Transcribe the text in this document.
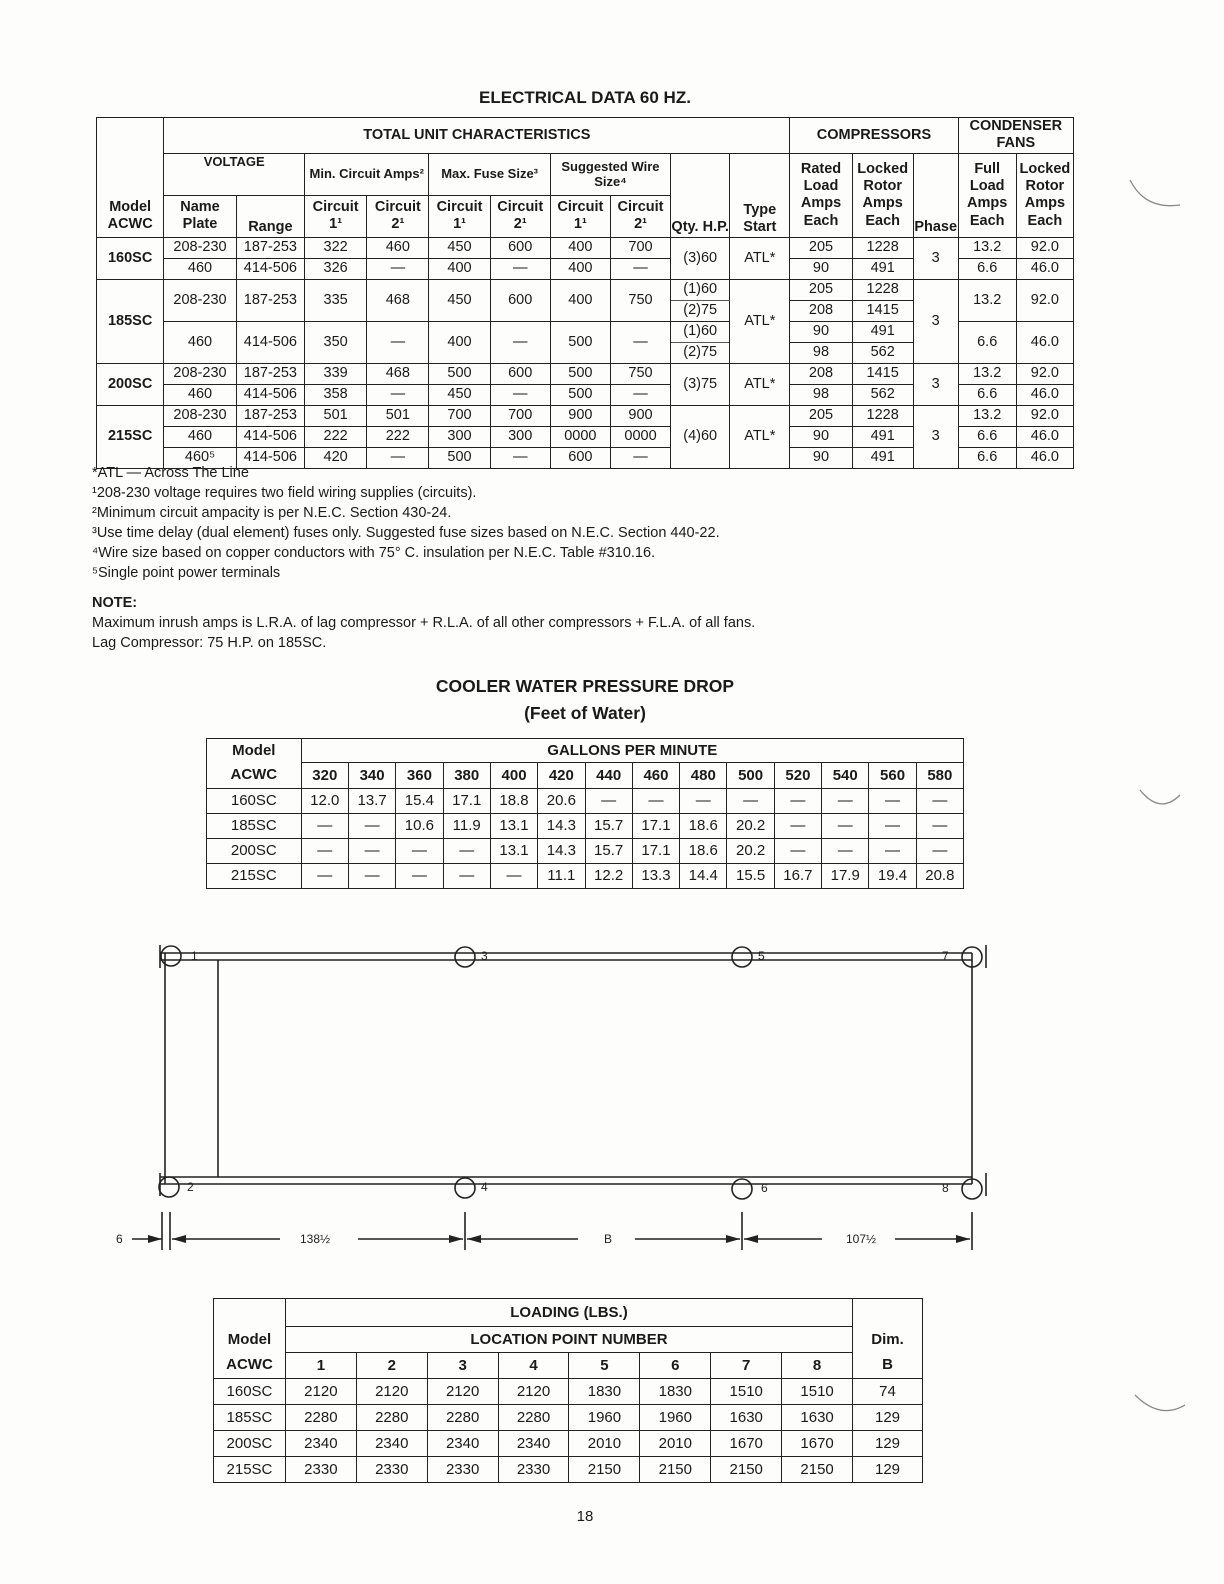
ELECTRICAL DATA 60 HZ.
	TOTAL UNIT CHARACTERISTICS										COMPRESSORS			CONDENSER FANS	
	VOLTAGE		Min. Circuit Amps²		Max. Fuse Size³		Suggested Wire Size⁴		Qty. H.P.	Type Start	Rated Load Amps Each	Locked Rotor Amps Each	Phase	Full Load Amps Each	Locked Rotor Amps Each
Model
ACWC	Name Plate	Range	Circuit 1¹	Circuit 2¹	Circuit 1¹	Circuit 2¹	Circuit 1¹	Circuit 2¹							
160SC	208-230	187-253	322	460	450	600	400	700	(3)60	ATL*	205	1228	3	13.2	92.0
	460	414-506	326	—	400	—	400	—			90	491		6.6	46.0
185SC	208-230	187-253	335	468	450	600	400	750	(1)60	ATL*	205	1228	3	13.2	92.0
									(2)75		208	1415			
	460	414-506	350	—	400	—	500	—	(1)60		90	491		6.6	46.0
									(2)75		98	562			
200SC	208-230	187-253	339	468	500	600	500	750	(3)75	ATL*	208	1415	3	13.2	92.0
	460	414-506	358	—	450	—	500	—			98	562		6.6	46.0
215SC	208-230	187-253	501	501	700	700	900	900	(4)60	ATL*	205	1228	3	13.2	92.0
	460	414-506	222	222	300	300	0000	0000			90	491		6.6	46.0
	460⁵	414-506	420	—	500	—	600	—			90	491		6.6	46.0
*ATL — Across The Line
¹208-230 voltage requires two field wiring supplies (circuits).
²Minimum circuit ampacity is per N.E.C. Section 430-24.
³Use time delay (dual element) fuses only. Suggested fuse sizes based on N.E.C. Section 440-22.
⁴Wire size based on copper conductors with 75° C. insulation per N.E.C. Table #310.16.
⁵Single point power terminals
NOTE:
Maximum inrush amps is L.R.A. of lag compressor + R.L.A. of all other compressors + F.L.A. of all fans.
Lag Compressor: 75 H.P. on 185SC.
COOLER WATER PRESSURE DROP
(Feet of Water)
Model	GALLONS PER MINUTE													
ACWC	320	340	360	380	400	420	440	460	480	500	520	540	560	580
160SC	12.0	13.7	15.4	17.1	18.8	20.6	—	—	—	—	—	—	—	—
185SC	—	—	10.6	11.9	13.1	14.3	15.7	17.1	18.6	20.2	—	—	—	—
200SC	—	—	—	—	13.1	14.3	15.7	17.1	18.6	20.2	—	—	—	—
215SC	—	—	—	—	—	11.1	12.2	13.3	14.4	15.5	16.7	17.9	19.4	20.8
1	3	5	7
2	4	6	8
6	138½	B	107½
	LOADING (LBS.)								
Model	LOCATION POINT NUMBER								Dim.
ACWC	1	2	3	4	5	6	7	8	B
160SC	2120	2120	2120	2120	1830	1830	1510	1510	74
185SC	2280	2280	2280	2280	1960	1960	1630	1630	129
200SC	2340	2340	2340	2340	2010	2010	1670	1670	129
215SC	2330	2330	2330	2330	2150	2150	2150	2150	129
18
